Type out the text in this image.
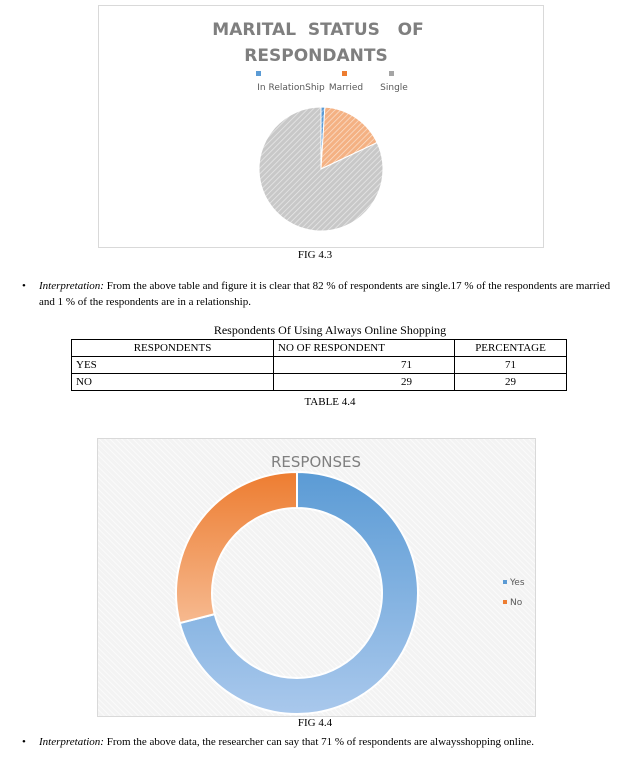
MARITAL  STATUS   OF
RESPONDANTS
In RelationShip Married Single
FIG 4.3
• Interpretation: From the above table and figure it is clear that 82 % of respondents are single.17 % of the respondents are married and 1 % of the respondents are in a relationship.
Respondents Of Using Always Online Shopping
RESPONDENTS	NO OF RESPONDENT	PERCENTAGE
YES	71	71
NO	29	29
TABLE 4.4
RESPONSES
Yes
No
FIG 4.4
• Interpretation: From the above data, the researcher can say that 71 % of respondents are alwaysshopping online.
